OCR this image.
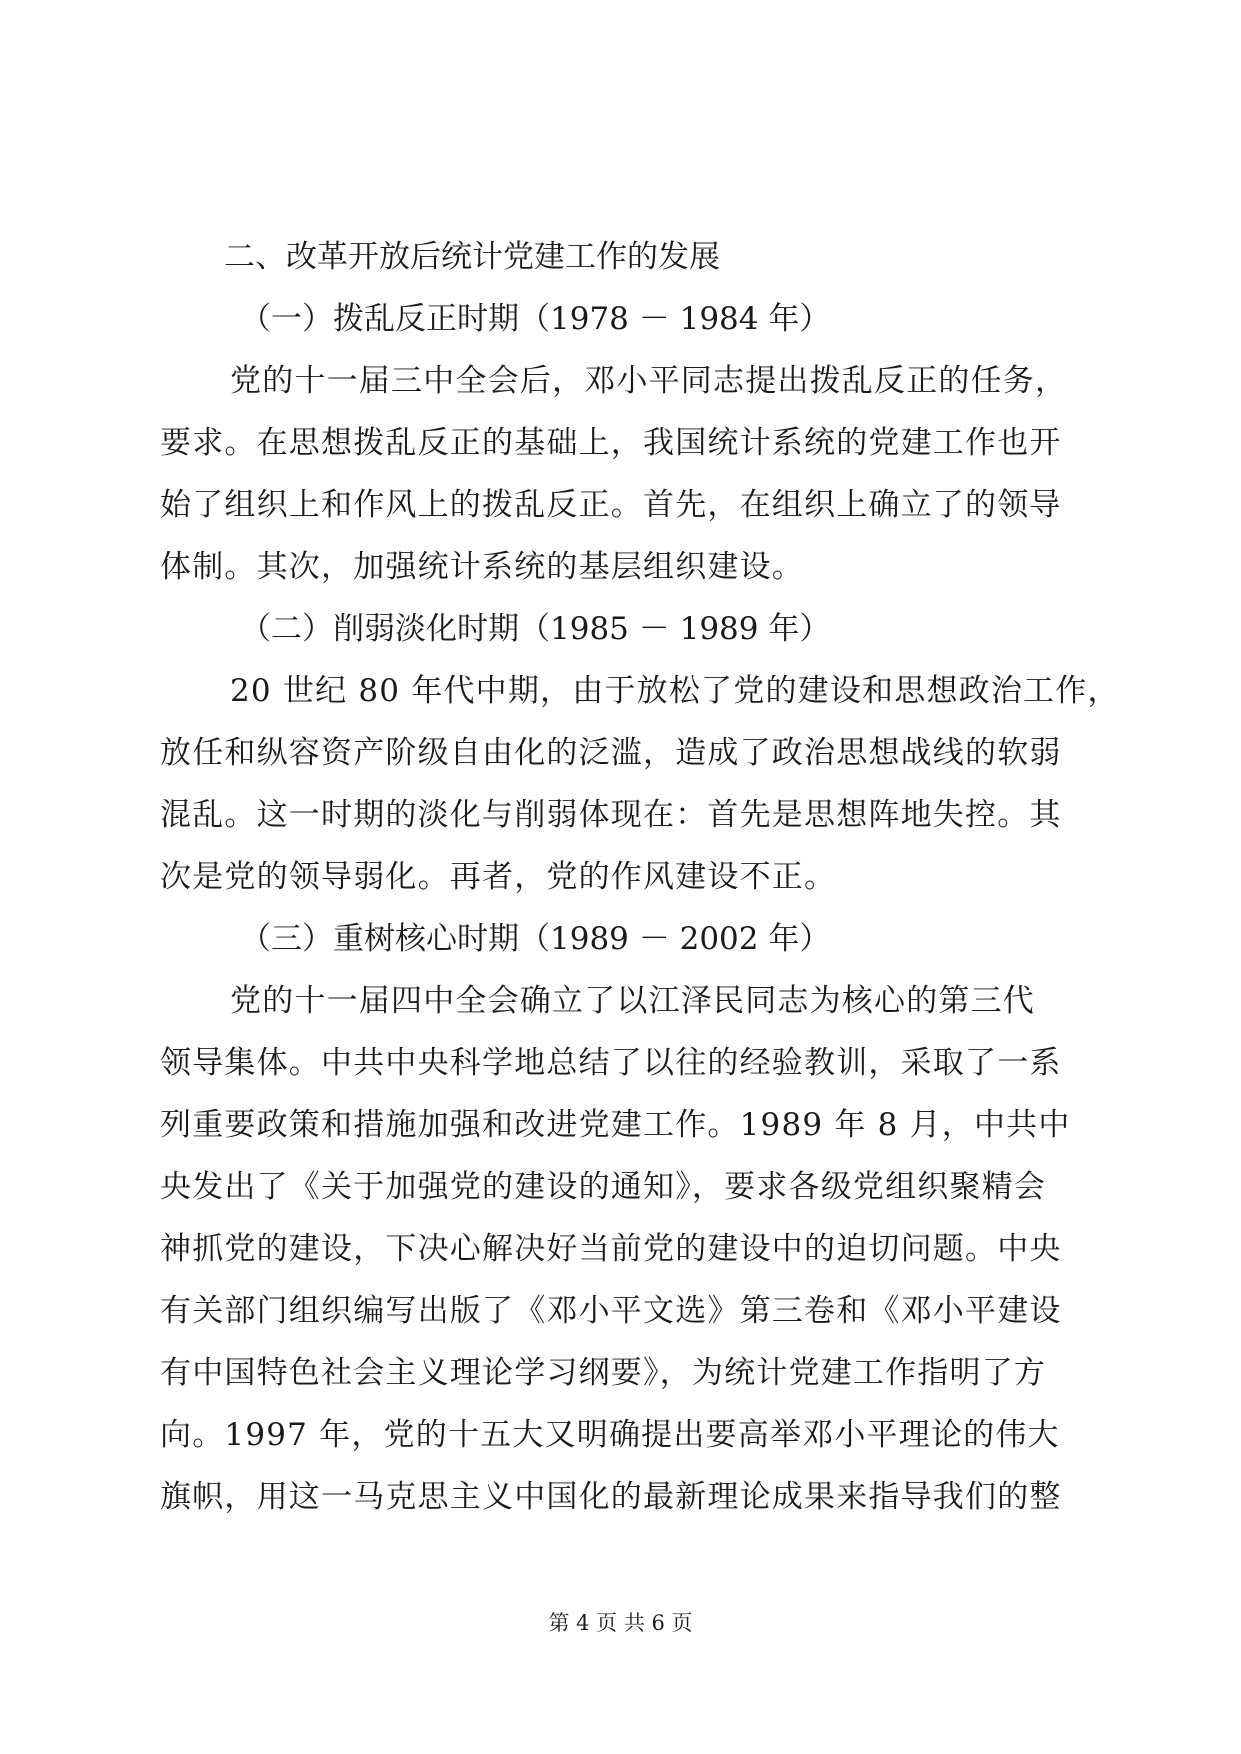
二、改革开放后统计党建工作的发展
（一）拨乱反正时期（1978 － 1984 年）
党的十一届三中全会后，邓小平同志提出拨乱反正的任务，
要求。在思想拨乱反正的基础上，我国统计系统的党建工作也开
始了组织上和作风上的拨乱反正。首先，在组织上确立了的领导
体制。其次，加强统计系统的基层组织建设。
（二）削弱淡化时期（1985 － 1989 年）
20 世纪 80 年代中期，由于放松了党的建设和思想政治工作，
放任和纵容资产阶级自由化的泛滥，造成了政治思想战线的软弱
混乱。这一时期的淡化与削弱体现在：首先是思想阵地失控。其
次是党的领导弱化。再者，党的作风建设不正。
（三）重树核心时期（1989 － 2002 年）
党的十一届四中全会确立了以江泽民同志为核心的第三代
领导集体。中共中央科学地总结了以往的经验教训，采取了一系
列重要政策和措施加强和改进党建工作。1989 年 8 月，中共中
央发出了《关于加强党的建设的通知》，要求各级党组织聚精会
神抓党的建设，下决心解决好当前党的建设中的迫切问题。中央
有关部门组织编写出版了《邓小平文选》第三卷和《邓小平建设
有中国特色社会主义理论学习纲要》，为统计党建工作指明了方
向。1997 年，党的十五大又明确提出要高举邓小平理论的伟大
旗帜，用这一马克思主义中国化的最新理论成果来指导我们的整
第 4 页 共 6 页
